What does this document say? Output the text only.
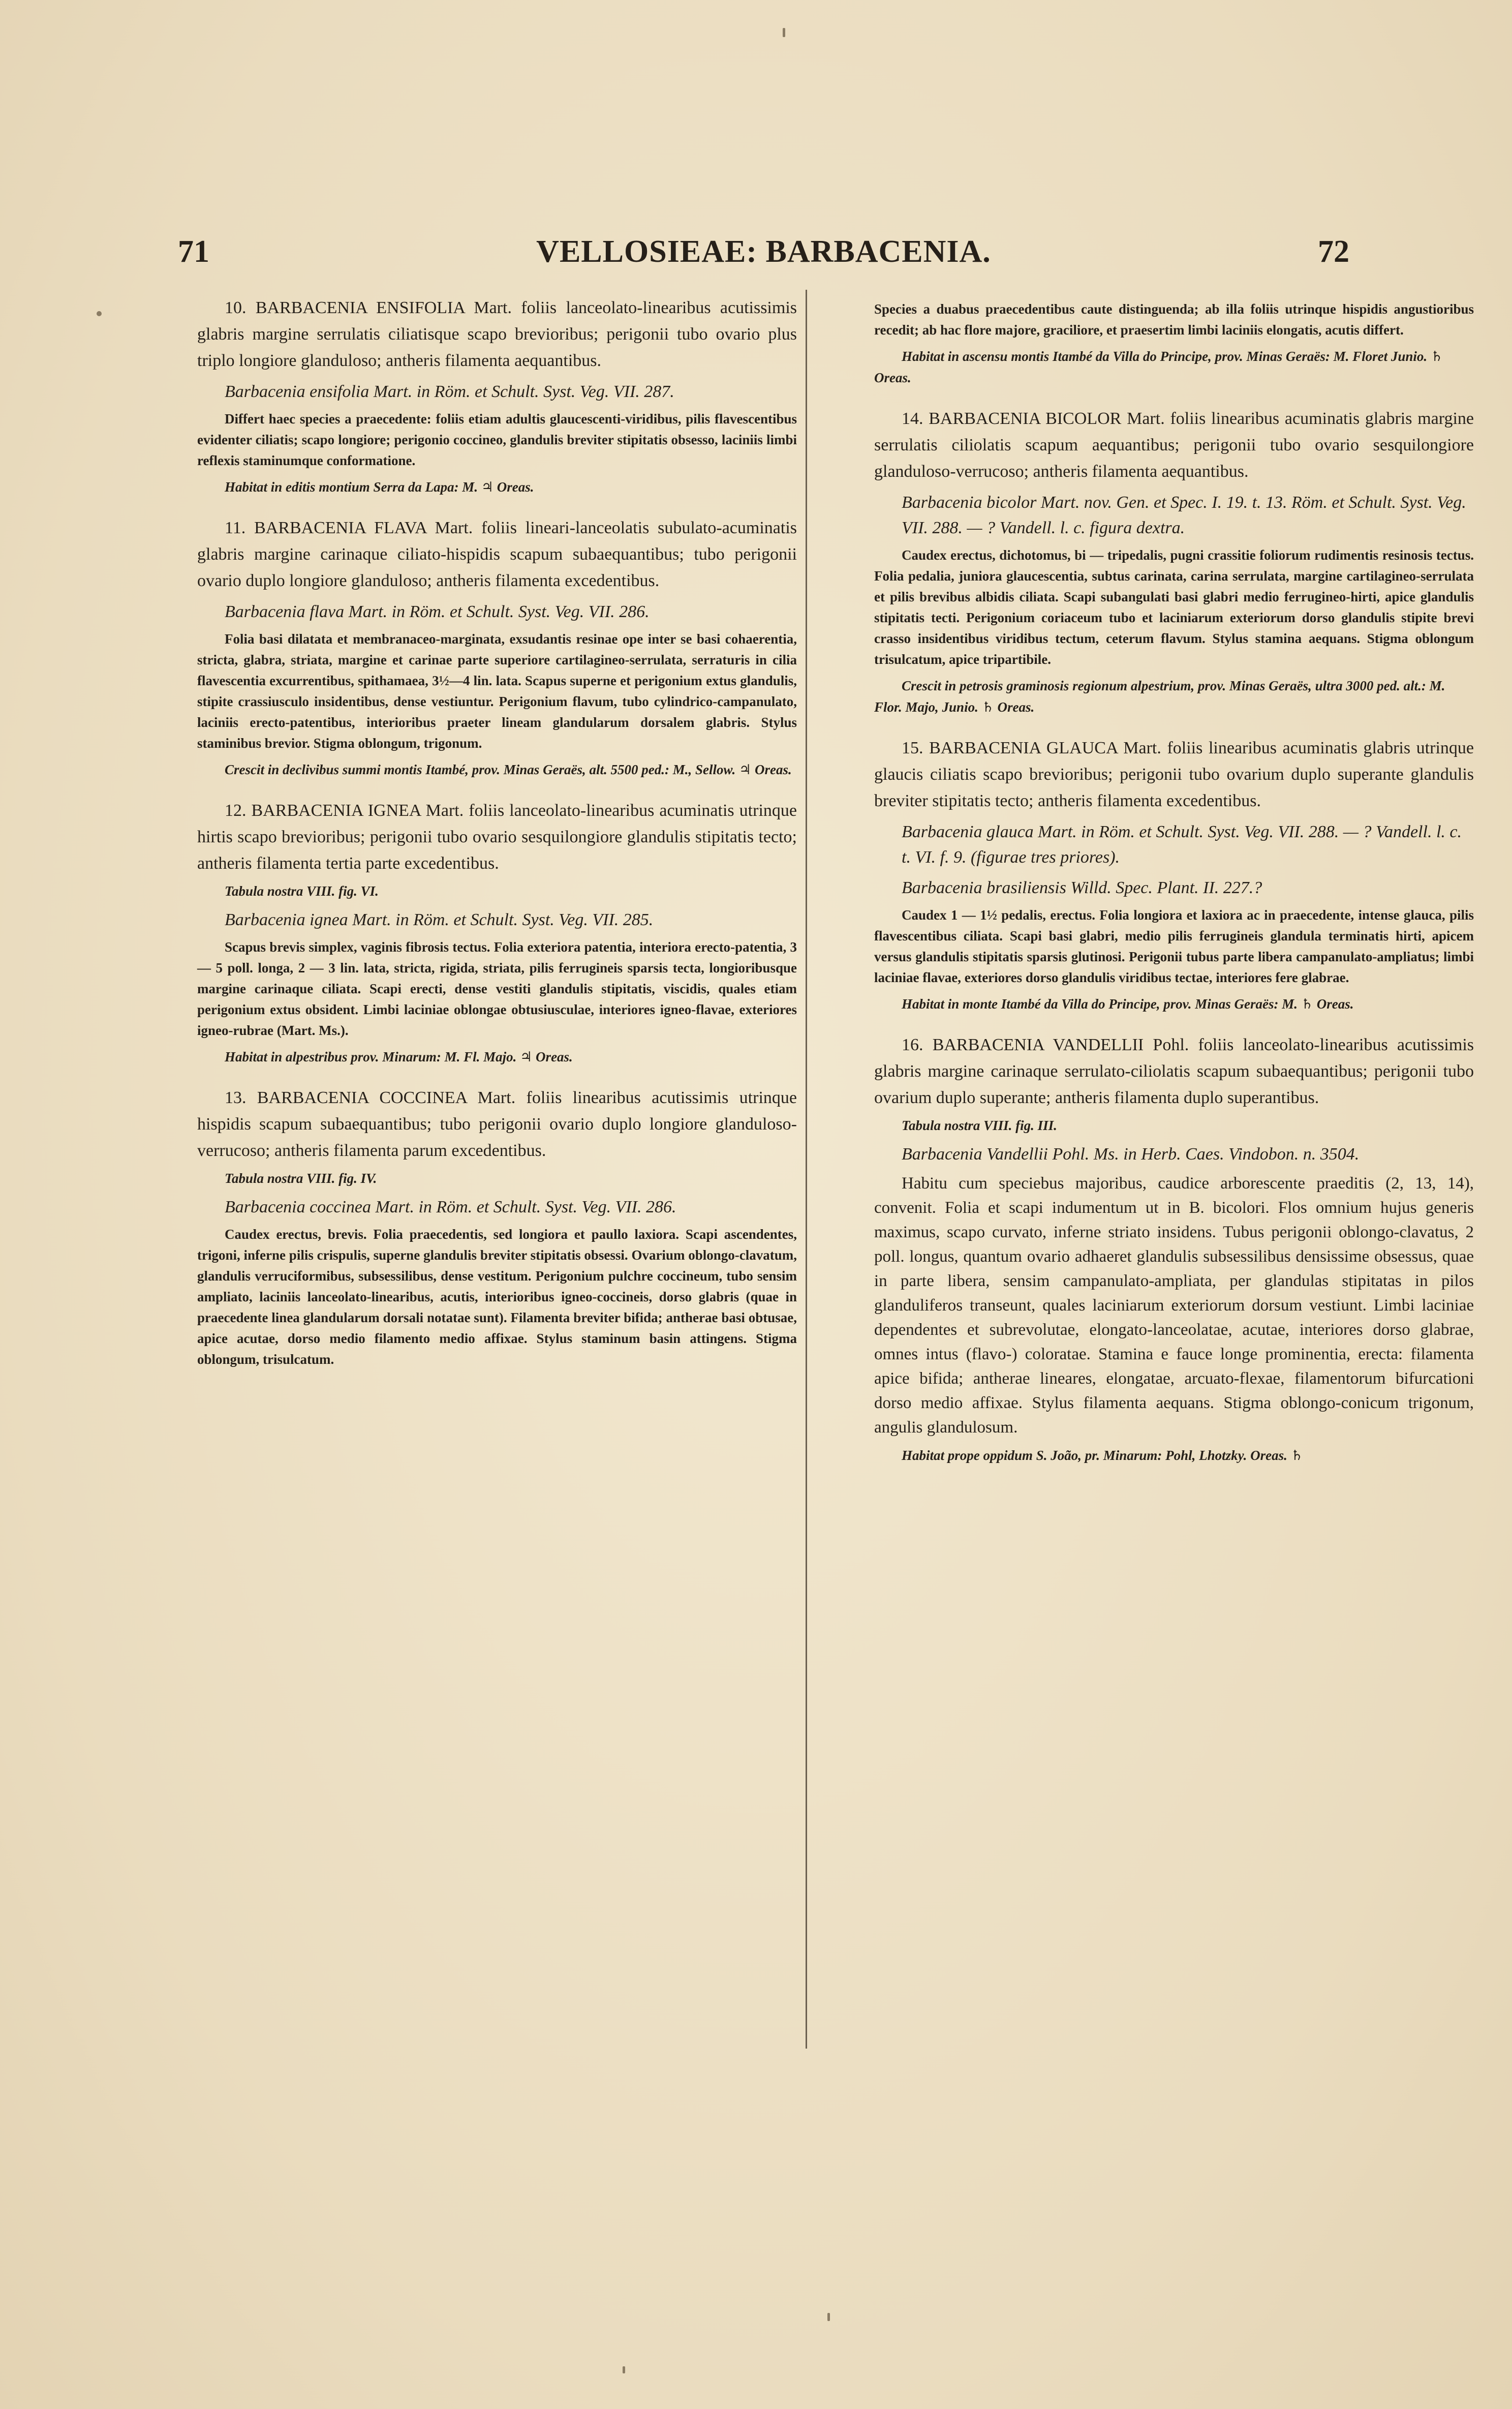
71	VELLOSIEAE: BARBACENIA.	72

10. BARBACENIA ENSIFOLIA Mart. foliis lanceolato-linearibus acutissimis glabris margine serrulatis ciliatisque scapo brevioribus; perigonii tubo ovario plus triplo longiore glanduloso; antheris filamenta aequantibus.

Barbacenia ensifolia Mart. in Röm. et Schult. Syst. Veg. VII. 287.

Differt haec species a praecedente: foliis etiam adultis glaucescenti-viridibus, pilis flavescentibus evidenter ciliatis; scapo longiore; perigonio coccineo, glandulis breviter stipitatis obsesso, laciniis limbi reflexis staminumque conformatione.

Habitat in editis montium Serra da Lapa: M. ♃ Oreas.

11. BARBACENIA FLAVA Mart. foliis lineari-lanceolatis subulato-acuminatis glabris margine carinaque ciliato-hispidis scapum subaequantibus; tubo perigonii ovario duplo longiore glanduloso; antheris filamenta excedentibus.

Barbacenia flava Mart. in Röm. et Schult. Syst. Veg. VII. 286.

Folia basi dilatata et membranaceo-marginata, exsudantis resinae ope inter se basi cohaerentia, stricta, glabra, striata, margine et carinae parte superiore cartilagineo-serrulata, serraturis in cilia flavescentia excurrentibus, spithamaea, 3½—4 lin. lata. Scapus superne et perigonium extus glandulis, stipite crassiusculo insidentibus, dense vestiuntur. Perigonium flavum, tubo cylindrico-campanulato, laciniis erecto-patentibus, interioribus praeter lineam glandularum dorsalem glabris. Stylus staminibus brevior. Stigma oblongum, trigonum.

Crescit in declivibus summi montis Itambé, prov. Minas Geraës, alt. 5500 ped.: M., Sellow. ♃ Oreas.

12. BARBACENIA IGNEA Mart. foliis lanceolato-linearibus acuminatis utrinque hirtis scapo brevioribus; perigonii tubo ovario sesquilongiore glandulis stipitatis tecto; antheris filamenta tertia parte excedentibus.

Tabula nostra VIII. fig. VI.

Barbacenia ignea Mart. in Röm. et Schult. Syst. Veg. VII. 285.

Scapus brevis simplex, vaginis fibrosis tectus. Folia exteriora patentia, interiora erecto-patentia, 3 — 5 poll. longa, 2 — 3 lin. lata, stricta, rigida, striata, pilis ferrugineis sparsis tecta, longioribusque margine carinaque ciliata. Scapi erecti, dense vestiti glandulis stipitatis, viscidis, quales etiam perigonium extus obsident. Limbi laciniae oblongae obtusiusculae, interiores igneo-flavae, exteriores igneo-rubrae (Mart. Ms.).

Habitat in alpestribus prov. Minarum: M. Fl. Majo. ♃ Oreas.

13. BARBACENIA COCCINEA Mart. foliis linearibus acutissimis utrinque hispidis scapum subaequantibus; tubo perigonii ovario duplo longiore glanduloso-verrucoso; antheris filamenta parum excedentibus.

Tabula nostra VIII. fig. IV.

Barbacenia coccinea Mart. in Röm. et Schult. Syst. Veg. VII. 286.

Caudex erectus, brevis. Folia praecedentis, sed longiora et paullo laxiora. Scapi ascendentes, trigoni, inferne pilis crispulis, superne glandulis breviter stipitatis obsessi. Ovarium oblongo-clavatum, glandulis verruciformibus, subsessilibus, dense vestitum. Perigonium pulchre coccineum, tubo sensim ampliato, laciniis lanceolato-linearibus, acutis, interioribus igneo-coccineis, dorso glabris (quae in praecedente linea glandularum dorsali notatae sunt). Filamenta breviter bifida; antherae basi obtusae, apice acutae, dorso medio filamento medio affixae. Stylus staminum basin attingens. Stigma oblongum, trisulcatum.

Species a duabus praecedentibus caute distinguenda; ab illa foliis utrinque hispidis angustioribus recedit; ab hac flore majore, graciliore, et praesertim limbi laciniis elongatis, acutis differt.

Habitat in ascensu montis Itambé da Villa do Principe, prov. Minas Geraës: M. Floret Junio. ♄ Oreas.

14. BARBACENIA BICOLOR Mart. foliis linearibus acuminatis glabris margine serrulatis ciliolatis scapum aequantibus; perigonii tubo ovario sesquilongiore glanduloso-verrucoso; antheris filamenta aequantibus.

Barbacenia bicolor Mart. nov. Gen. et Spec. I. 19. t. 13. Röm. et Schult. Syst. Veg. VII. 288. — ? Vandell. l. c. figura dextra.

Caudex erectus, dichotomus, bi — tripedalis, pugni crassitie foliorum rudimentis resinosis tectus. Folia pedalia, juniora glaucescentia, subtus carinata, carina serrulata, margine cartilagineo-serrulata et pilis brevibus albidis ciliata. Scapi subangulati basi glabri medio ferrugineo-hirti, apice glandulis stipitatis tecti. Perigonium coriaceum tubo et laciniarum exteriorum dorso glandulis stipite brevi crasso insidentibus viridibus tectum, ceterum flavum. Stylus stamina aequans. Stigma oblongum trisulcatum, apice tripartibile.

Crescit in petrosis graminosis regionum alpestrium, prov. Minas Geraës, ultra 3000 ped. alt.: M. Flor. Majo, Junio. ♄ Oreas.

15. BARBACENIA GLAUCA Mart. foliis linearibus acuminatis glabris utrinque glaucis ciliatis scapo brevioribus; perigonii tubo ovarium duplo superante glandulis breviter stipitatis tecto; antheris filamenta excedentibus.

Barbacenia glauca Mart. in Röm. et Schult. Syst. Veg. VII. 288. — ? Vandell. l. c. t. VI. f. 9. (figurae tres priores).

Barbacenia brasiliensis Willd. Spec. Plant. II. 227.?

Caudex 1 — 1½ pedalis, erectus. Folia longiora et laxiora ac in praecedente, intense glauca, pilis flavescentibus ciliata. Scapi basi glabri, medio pilis ferrugineis glandula terminatis hirti, apicem versus glandulis stipitatis sparsis glutinosi. Perigonii tubus parte libera campanulato-ampliatus; limbi laciniae flavae, exteriores dorso glandulis viridibus tectae, interiores fere glabrae.

Habitat in monte Itambé da Villa do Principe, prov. Minas Geraës: M. ♄ Oreas.

16. BARBACENIA VANDELLII Pohl. foliis lanceolato-linearibus acutissimis glabris margine carinaque serrulato-ciliolatis scapum subaequantibus; perigonii tubo ovarium duplo superante; antheris filamenta duplo superantibus.

Tabula nostra VIII. fig. III.

Barbacenia Vandellii Pohl. Ms. in Herb. Caes. Vindobon. n. 3504.

Habitu cum speciebus majoribus, caudice arborescente praeditis (2, 13, 14), convenit. Folia et scapi indumentum ut in B. bicolori. Flos omnium hujus generis maximus, scapo curvato, inferne striato insidens. Tubus perigonii oblongo-clavatus, 2 poll. longus, quantum ovario adhaeret glandulis subsessilibus densissime obsessus, quae in parte libera, sensim campanulato-ampliata, per glandulas stipitatas in pilos glanduliferos transeunt, quales laciniarum exteriorum dorsum vestiunt. Limbi laciniae dependentes et subrevolutae, elongato-lanceolatae, acutae, interiores dorso glabrae, omnes intus (flavo-) coloratae. Stamina e fauce longe prominentia, erecta: filamenta apice bifida; antherae lineares, elongatae, arcuato-flexae, filamentorum bifurcationi dorso medio affixae. Stylus filamenta aequans. Stigma oblongo-conicum trigonum, angulis glandulosum.

Habitat prope oppidum S. João, pr. Minarum: Pohl, Lhotzky. Oreas. ♄
